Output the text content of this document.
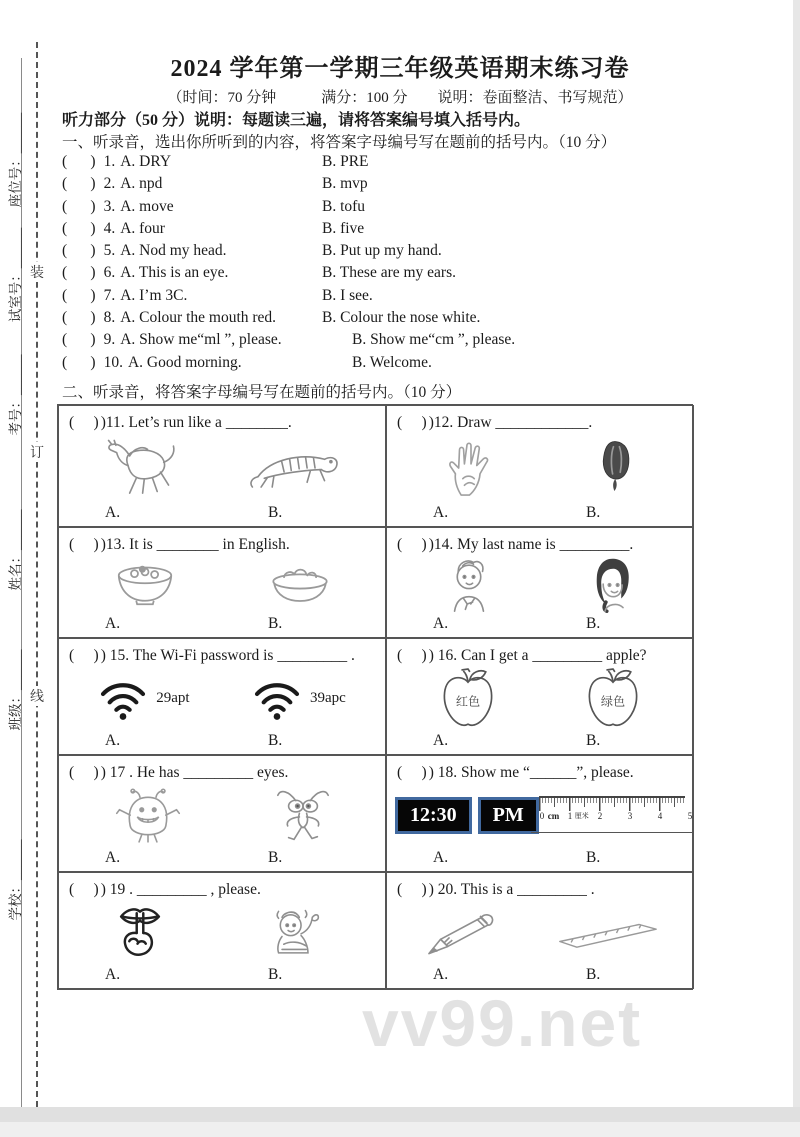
装
订
线
座位号：______
试室号：______
考号：______
姓名：______
班级：______
学校：______
2024 学年第一学期三年级英语期末练习卷
（时间：70 分钟　　　满分：100 分　　说明：卷面整洁、书写规范）
听力部分（50 分）说明：每题读三遍，请将答案编号填入括号内。
一、听录音，选出你所听到的内容，将答案字母编号写在题前的括号内。（10 分）
(      ) 1. A. DRY	B. PRE
(      ) 2. A. npd	B. mvp
(      ) 3. A. move	B. tofu
(      ) 4. A. four	B. five
(      ) 5. A. Nod my head.	B. Put up my hand.
(      ) 6. A. This is an eye.	B. These are my ears.
(      ) 7. A. I’m 3C.	B. I see.
(      ) 8. A. Colour the mouth red.	B. Colour the nose white.
(      ) 9. A. Show me“ml ”, please.	B. Show me“cm ”, please.
(      ) 10. A. Good morning.	B. Welcome.
二、听录音，将答案字母编号写在题前的括号内。（10 分）
(     ) )11. Let’s run like a ________.
A.	B.
(     ) )12. Draw ____________.
A.	B.
(     ) )13. It is ________ in English.
A.	B.
(     ) )14. My last name is _________.
A.	B.
(     ) ) 15. The Wi-Fi password is _________ .
29apt	39apc
A.	B.
(     ) ) 16. Can I get a _________ apple?
红色	绿色
A.	B.
(     ) ) 17 . He has _________ eyes.
A.	B.
(     ) ) 18. Show me “______”, please.
12:30	PM	0 cm 1 厘米 2	3	4	5
A.	B.
(     ) ) 19 . _________ , please.
A.	B.
(     ) ) 20. This is a _________ .
A.	B.
vv99.net
